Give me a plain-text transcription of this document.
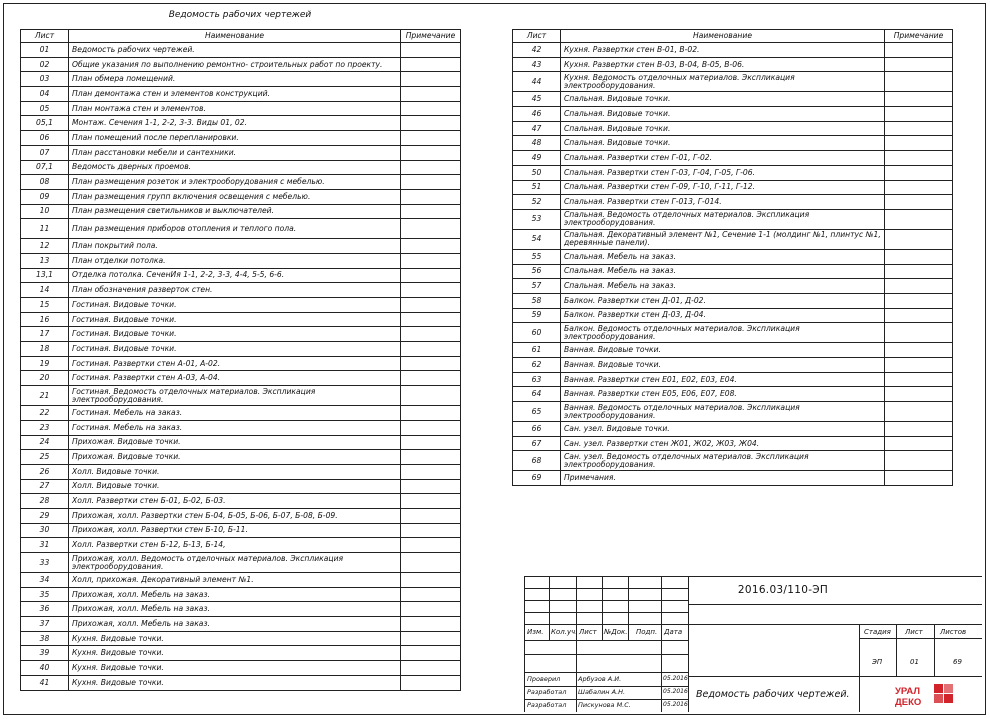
Ведомость рабочих чертежей
Лист	Наименование	Примечание
01	Ведомость рабочих чертежей.	
02	Общие указания по выполнению ремонтно- строительных работ по проекту.	
03	План обмера помещений.	
04	План демонтажа стен и элементов конструкций.	
05	План монтажа стен и элементов.	
05,1	Монтаж. Сечения 1-1, 2-2, 3-3. Виды 01, 02.	
06	План помещений после перепланировки.	
07	План расстановки мебели и сантехники.	
07,1	Ведомость дверных проемов.	
08	План размещения розеток и электрооборудования с мебелью.	
09	План размещения групп включения освещения с мебелью.	
10	План размещения светильников и выключателей.	
11	План размещения приборов отопления и теплого пола.	
12	План покрытий пола.	
13	План отделки потолка.	
13,1	Отделка потолка. СеченИя 1-1, 2-2, 3-3, 4-4, 5-5, 6-6.	
14	План обозначения разверток стен.	
15	Гостиная. Видовые точки.	
16	Гостиная. Видовые точки.	
17	Гостиная. Видовые точки.	
18	Гостиная. Видовые точки.	
19	Гостиная. Развертки стен А-01, А-02.	
20	Гостиная. Развертки стен А-03, А-04.	
21	Гостиная. Ведомость отделочных материалов. Экспликация электрооборудования.	
22	Гостиная. Мебель на заказ.	
23	Гостиная. Мебель на заказ.	
24	Прихожая. Видовые точки.	
25	Прихожая. Видовые точки.	
26	Холл. Видовые точки.	
27	Холл. Видовые точки.	
28	Холл. Развертки стен Б-01, Б-02, Б-03.	
29	Прихожая, холл. Развертки стен Б-04, Б-05, Б-06, Б-07, Б-08, Б-09.	
30	Прихожая, холл. Развертки стен Б-10, Б-11.	
31	Холл. Развертки стен Б-12, Б-13, Б-14,	
33	Прихожая, холл. Ведомость отделочных материалов. Экспликация электрооборудования.	
34	Холл, прихожая. Декоративный элемент №1.	
35	Прихожая, холл. Мебель на заказ.	
36	Прихожая, холл. Мебель на заказ.	
37	Прихожая, холл. Мебель на заказ.	
38	Кухня. Видовые точки.	
39	Кухня. Видовые точки.	
40	Кухня. Видовые точки.	
41	Кухня. Видовые точки.	
Лист	Наименование	Примечание
42	Кухня. Развертки стен В-01, В-02.	
43	Кухня. Развертки стен В-03, В-04, В-05, В-06.	
44	Кухня. Ведомость отделочных материалов. Экспликация электрооборудования.	
45	Спальная. Видовые точки.	
46	Спальная. Видовые точки.	
47	Спальная. Видовые точки.	
48	Спальная. Видовые точки.	
49	Спальная. Развертки стен Г-01, Г-02.	
50	Спальная. Развертки стен Г-03, Г-04, Г-05, Г-06.	
51	Спальная. Развертки стен Г-09, Г-10, Г-11, Г-12.	
52	Спальная. Развертки стен Г-013, Г-014.	
53	Спальная. Ведомость отделочных материалов. Экспликация электрооборудования.	
54	Спальная. Декоративный элемент №1, Сечение 1-1 (молдинг №1, плинтус №1, деревянные панели).	
55	Спальная. Мебель на заказ.	
56	Спальная. Мебель на заказ.	
57	Спальная. Мебель на заказ.	
58	Балкон. Развертки стен Д-01, Д-02.	
59	Балкон. Развертки стен Д-03, Д-04.	
60	Балкон. Ведомость отделочных материалов. Экспликация электрооборудования.	
61	Ванная. Видовые точки.	
62	Ванная. Видовые точки.	
63	Ванная. Развертки стен Е01, Е02, Е03, Е04.	
64	Ванная. Развертки стен Е05, Е06, Е07, Е08.	
65	Ванная. Ведомость отделочных материалов. Экспликация электрооборудования.	
66	Сан. узел. Видовые точки.	
67	Сан. узел. Развертки стен Ж01, Ж02, Ж03, Ж04.	
68	Сан. узел. Ведомость отделочных материалов. Экспликация электрооборудования.	
69	Примечания.	
Изм. Кол.уч. Лист №Док. Подп. Дата
2016.03/110-ЭП
Стадия Лист Листов
ЭП	01	69
Проверил	Арбузов А.И.	05.2016
Разработал Шабалин А.Н.	05.2016
Разработал Пискунова М.С.	05.2016
Ведомость рабочих чертежей.	УРАЛ
ДЕКО
